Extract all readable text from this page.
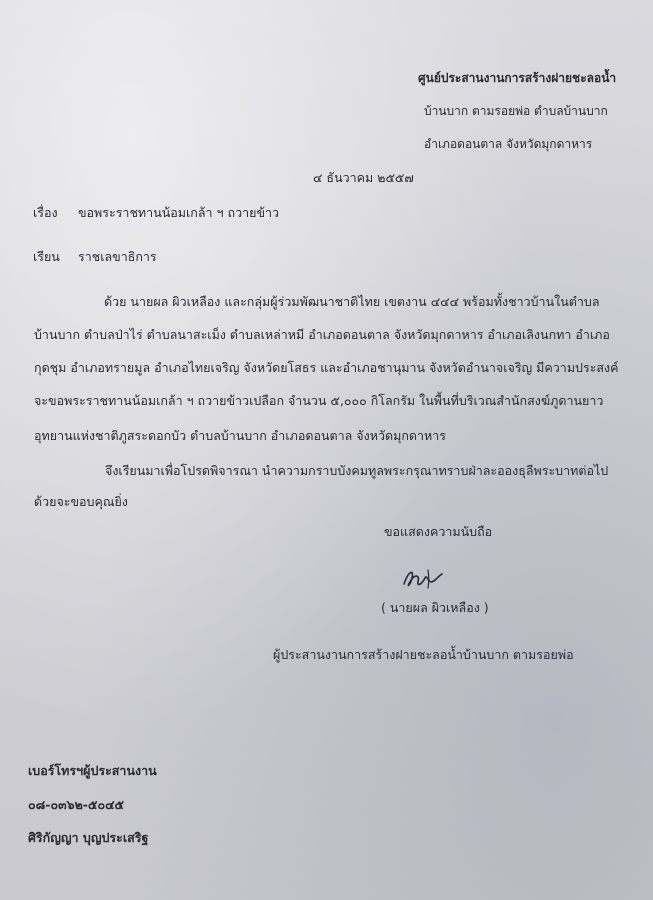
ศูนย์ประสานงานการสร้างฝายชะลอน้ำ
บ้านบาก ตามรอยพ่อ ตำบลบ้านบาก
อำเภอดอนตาล จังหวัดมุกดาหาร
๔ ธันวาคม ๒๕๕๗
เรื่อง ขอพระราชทานน้อมเกล้า ฯ ถวายข้าว
เรียน ราชเลขาธิการ
ด้วย นายผล ผิวเหลือง และกลุ่มผู้ร่วมพัฒนาชาติไทย เขตงาน ๔๔๔ พร้อมทั้งชาวบ้านในตำบล
บ้านบาก ตำบลป่าไร่ ตำบลนาสะเม็ง ตำบลเหล่าหมี อำเภอดอนตาล จังหวัดมุกดาหาร อำเภอเลิงนกทา อำเภอ
กุดชุม อำเภอทรายมูล อำเภอไทยเจริญ จังหวัดยโสธร และอำเภอชานุมาน จังหวัดอำนาจเจริญ มีความประสงค์
จะขอพระราชทานน้อมเกล้า ฯ ถวายข้าวเปลือก จำนวน ๕,๐๐๐ กิโลกรัม ในพื้นที่บริเวณสำนักสงฆ์ภูดานยาว
อุทยานแห่งชาติภูสระดอกบัว ตำบลบ้านบาก อำเภอดอนตาล จังหวัดมุกดาหาร
จึงเรียนมาเพื่อโปรดพิจารณา นำความกราบบังคมทูลพระกรุณาทราบฝ่าละอองธุลีพระบาทต่อไป
ด้วยจะขอบคุณยิ่ง
ขอแสดงความนับถือ
( นายผล ผิวเหลือง )
ผู้ประสานงานการสร้างฝายชะลอน้ำบ้านบาก ตามรอยพ่อ
เบอร์โทรฯผู้ประสานงาน
๐๘-๐๓๖๒-๕๐๔๕
ศิริกัญญา บุญประเสริฐ
